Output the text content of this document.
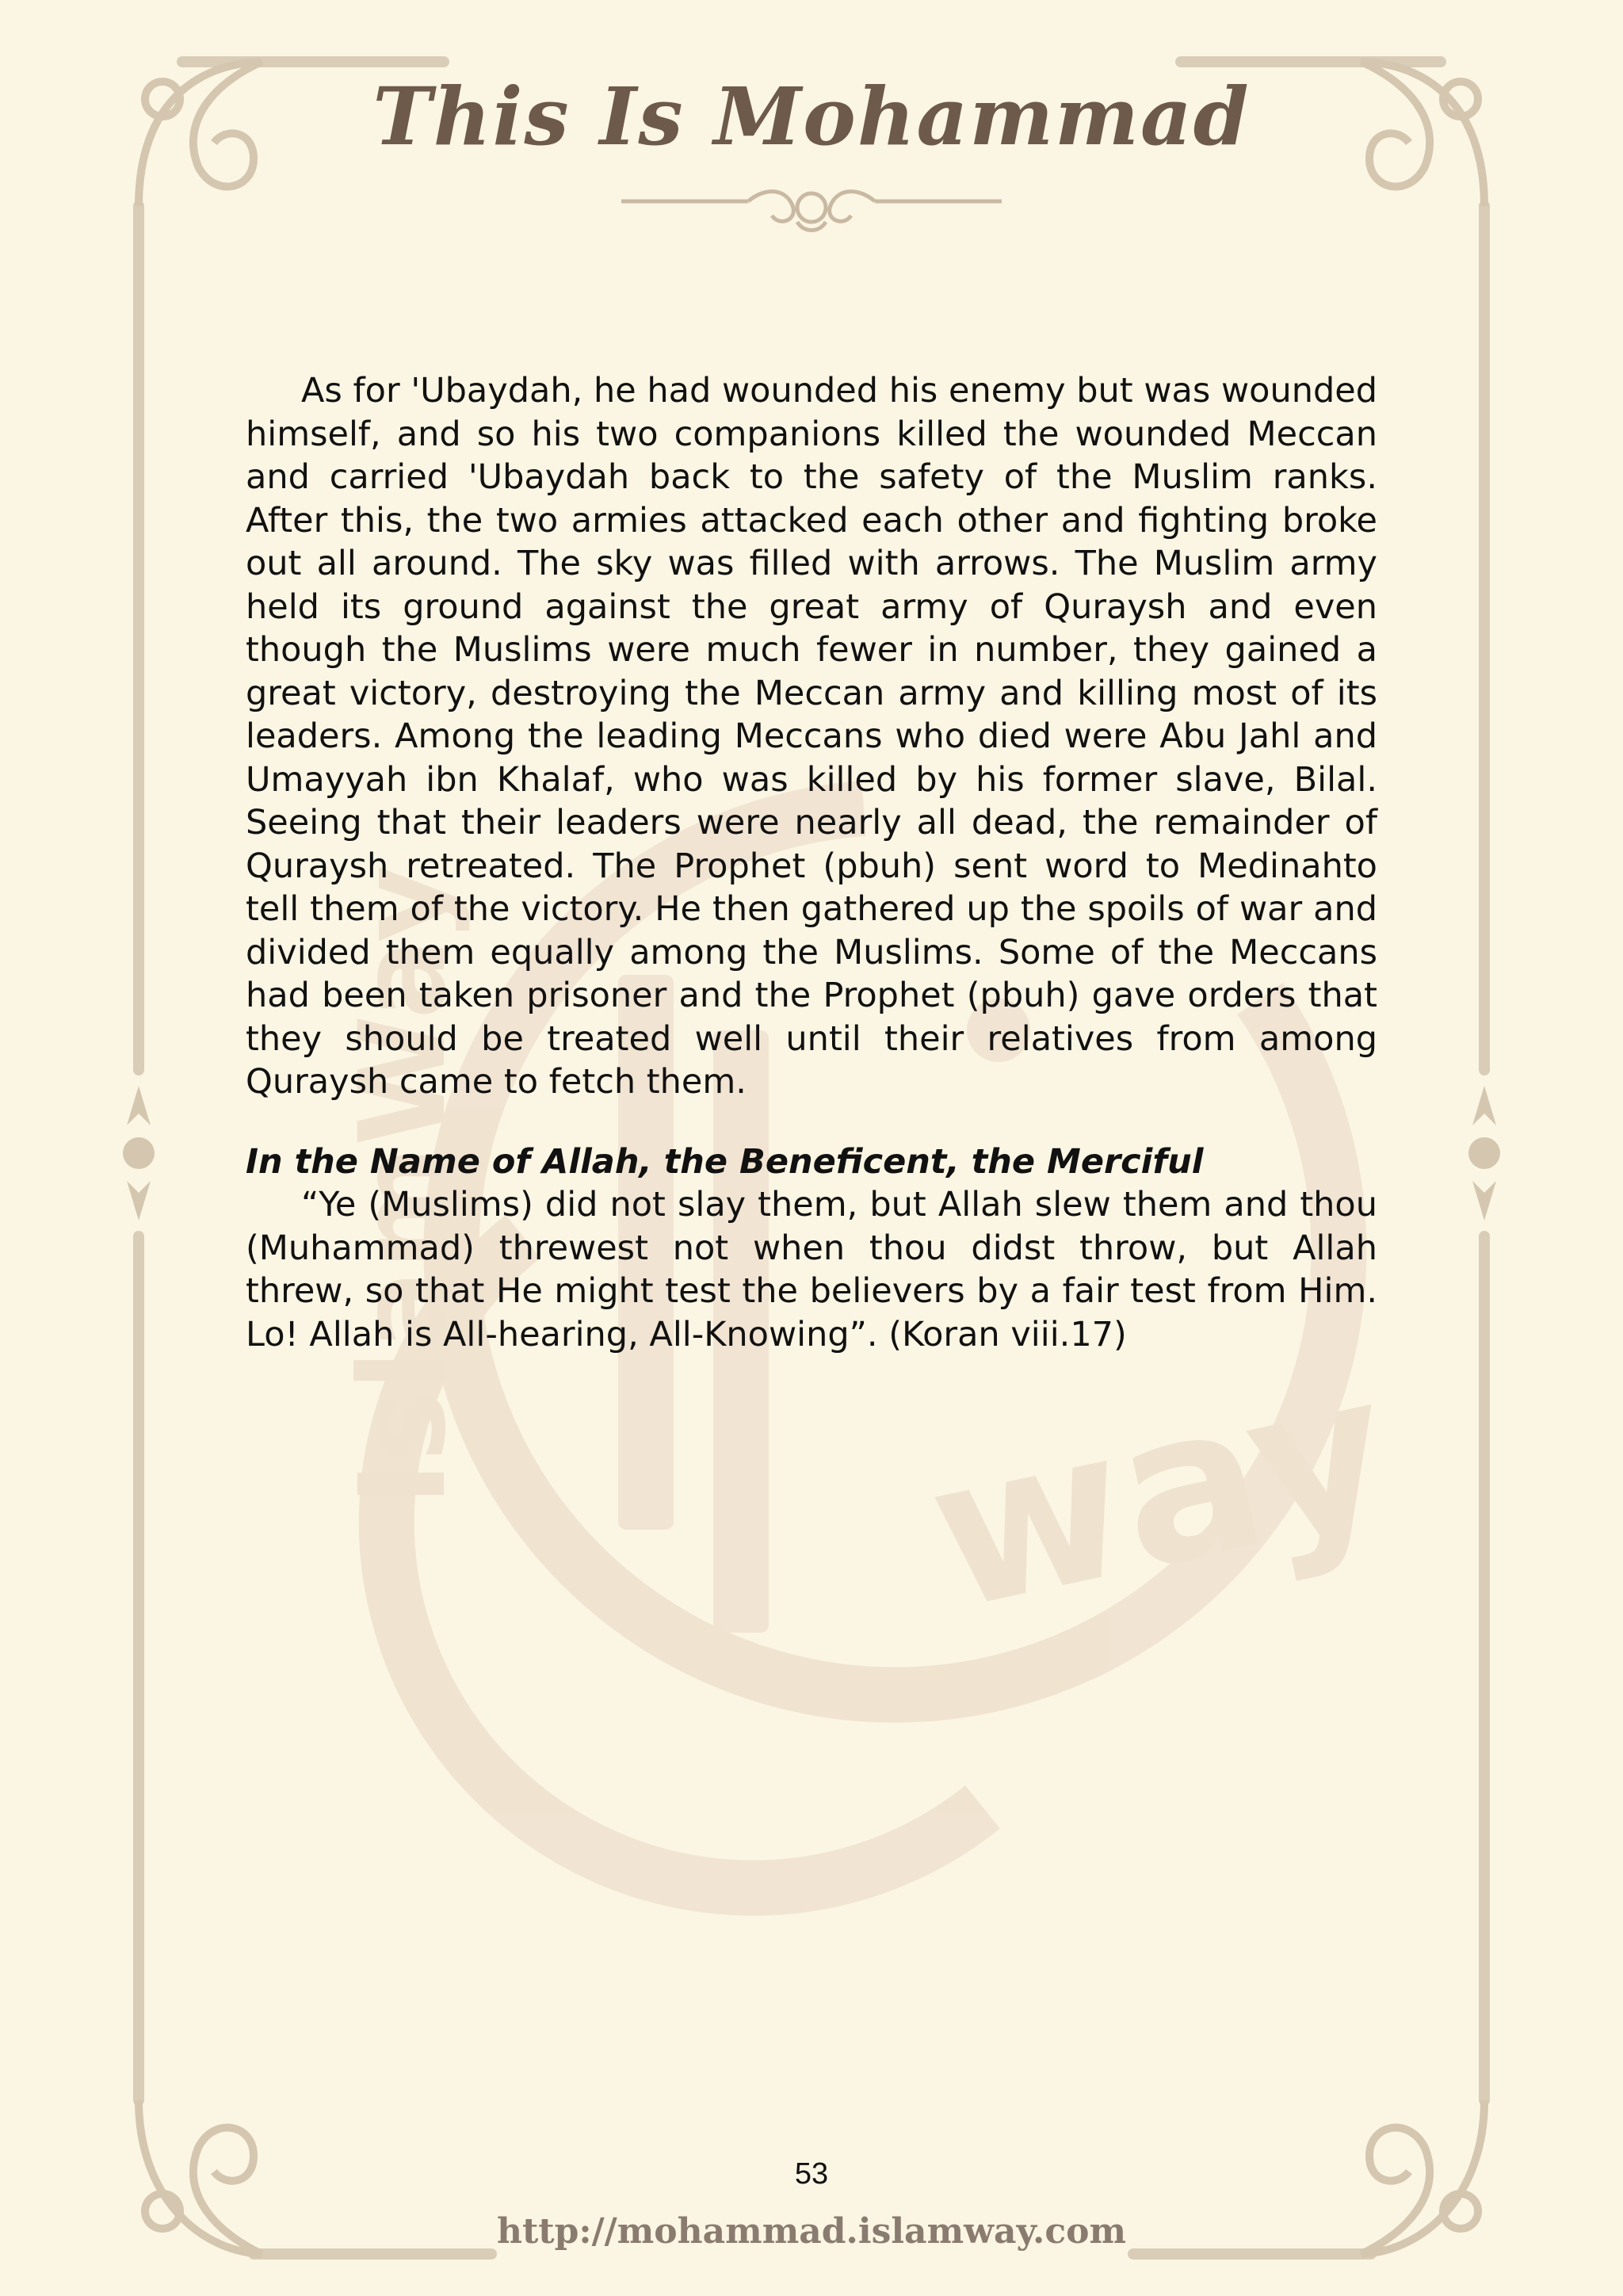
way
IslamWay
This Is Mohammad

As for 'Ubaydah, he had wounded his enemy but was wounded himself, and so his two companions killed the wounded Meccan and carried 'Ubaydah back to the safety of the Muslim ranks. After this, the two armies attacked each other and fighting broke out all around. The sky was filled with arrows. The Muslim army held its ground against the great army of Quraysh and even though the Muslims were much fewer in number, they gained a great victory, destroying the Meccan army and killing most of its leaders. Among the leading Meccans who died were Abu Jahl and Umayyah ibn Khalaf, who was killed by his former slave, Bilal. Seeing that their leaders were nearly all dead, the remainder of Quraysh retreated. The Prophet (pbuh) sent word to Medinahto tell them of the victory. He then gathered up the spoils of war and divided them equally among the Muslims. Some of the Meccans had been taken prisoner and the Prophet (pbuh) gave orders that they should be treated well until their relatives from among Quraysh came to fetch them.

In the Name of Allah, the Beneficent, the Merciful

“Ye (Muslims) did not slay them, but Allah slew them and thou (Muhammad) threwest not when thou didst throw, but Allah threw, so that He might test the believers by a fair test from Him. Lo! Allah is All-hearing, All-Knowing”. (Koran viii.17)

53
http://mohammad.islamway.com
